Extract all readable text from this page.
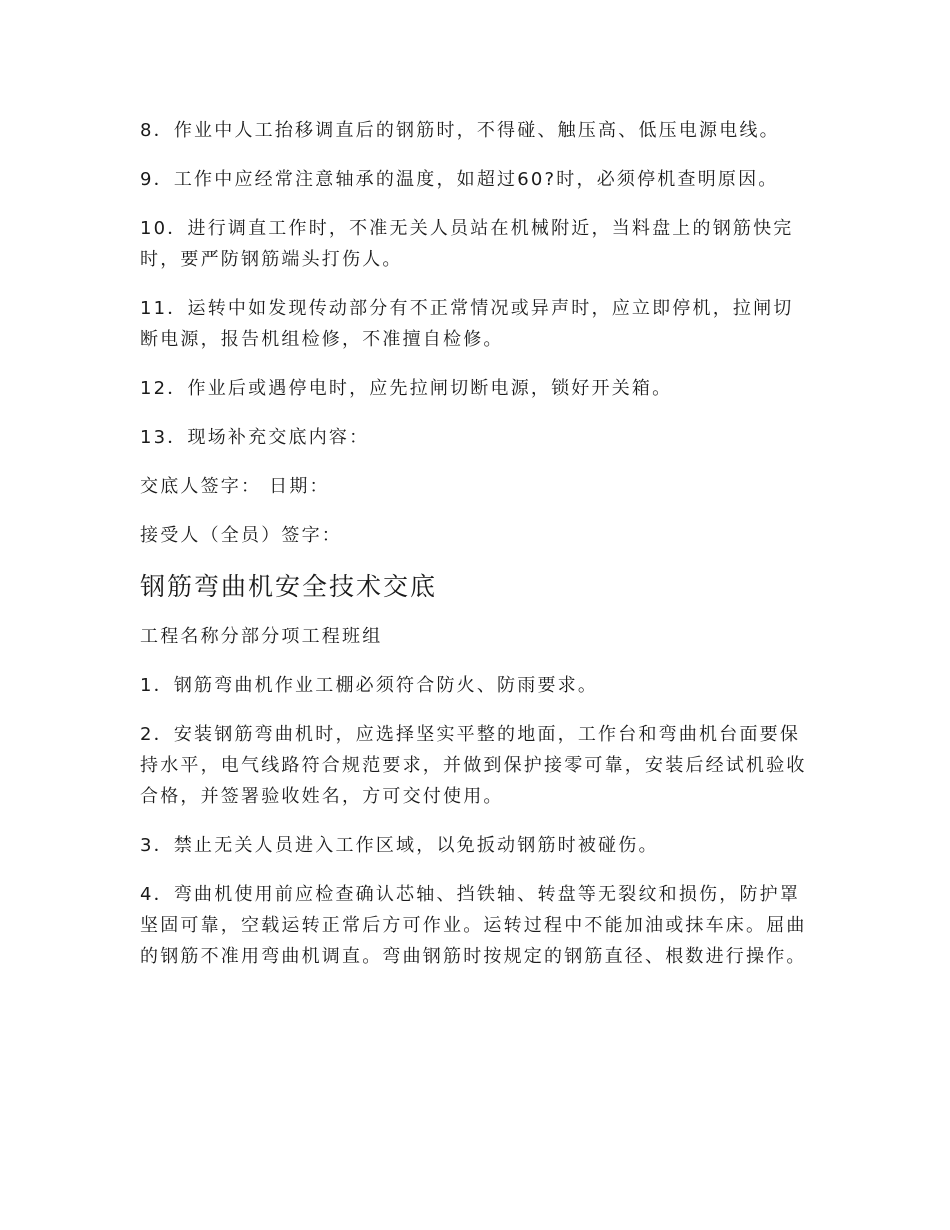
8．作业中人工抬移调直后的钢筋时，不得碰、触压高、低压电源电线。

9．工作中应经常注意轴承的温度，如超过60?时，必须停机查明原因。

10．进行调直工作时，不准无关人员站在机械附近，当料盘上的钢筋快完时，要严防钢筋端头打伤人。

11．运转中如发现传动部分有不正常情况或异声时，应立即停机，拉闸切断电源，报告机组检修，不准擅自检修。

12．作业后或遇停电时，应先拉闸切断电源，锁好开关箱。

13．现场补充交底内容：

交底人签字： 日期：

接受人（全员）签字：

钢筋弯曲机安全技术交底

工程名称分部分项工程班组

1．钢筋弯曲机作业工棚必须符合防火、防雨要求。

2．安装钢筋弯曲机时，应选择坚实平整的地面，工作台和弯曲机台面要保持水平，电气线路符合规范要求，并做到保护接零可靠，安装后经试机验收合格，并签署验收姓名，方可交付使用。

3．禁止无关人员进入工作区域，以免扳动钢筋时被碰伤。

4．弯曲机使用前应检查确认芯轴、挡铁轴、转盘等无裂纹和损伤，防护罩坚固可靠，空载运转正常后方可作业。运转过程中不能加油或抹车床。屈曲的钢筋不准用弯曲机调直。弯曲钢筋时按规定的钢筋直径、根数进行操作。
